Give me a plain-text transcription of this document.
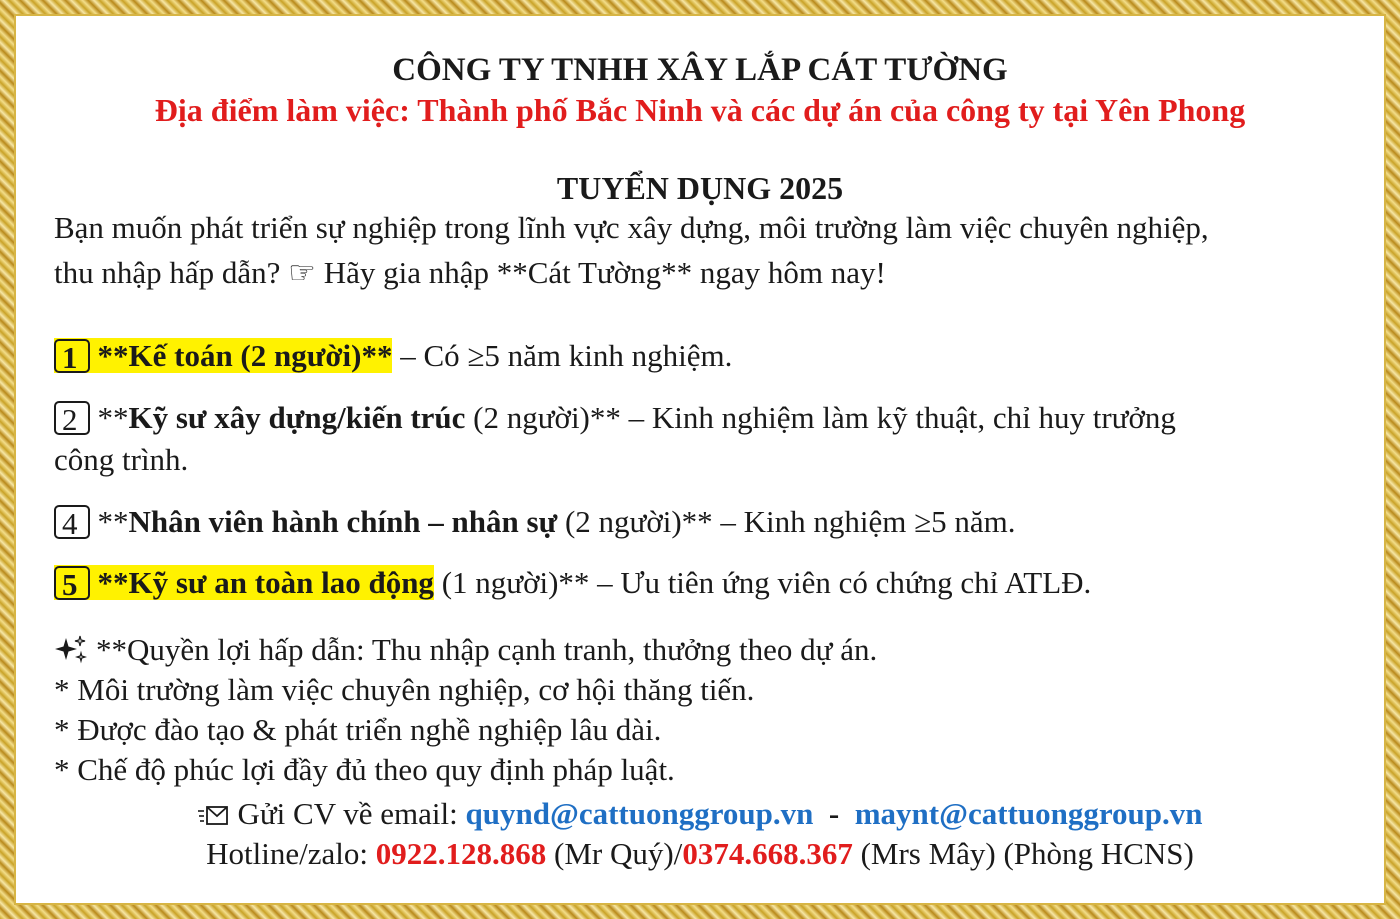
CÔNG TY TNHH XÂY LẮP CÁT TƯỜNG
Địa điểm làm việc: Thành phố Bắc Ninh và các dự án của công ty tại Yên Phong
TUYỂN DỤNG 2025
Bạn muốn phát triển sự nghiệp trong lĩnh vực xây dựng, môi trường làm việc chuyên nghiệp,
thu nhập hấp dẫn? ☞ Hãy gia nhập **Cát Tường** ngay hôm nay!
1 **Kế toán (2 người)** – Có ≥5 năm kinh nghiệm.
2 **Kỹ sư xây dựng/kiến trúc (2 người)** – Kinh nghiệm làm kỹ thuật, chỉ huy trưởng
công trình.
4 **Nhân viên hành chính – nhân sự (2 người)** – Kinh nghiệm ≥5 năm.
5 **Kỹ sư an toàn lao động (1 người)** – Ưu tiên ứng viên có chứng chỉ ATLĐ.
**Quyền lợi hấp dẫn: Thu nhập cạnh tranh, thưởng theo dự án.
* Môi trường làm việc chuyên nghiệp, cơ hội thăng tiến.
* Được đào tạo & phát triển nghề nghiệp lâu dài.
* Chế độ phúc lợi đầy đủ theo quy định pháp luật.
Gửi CV về email: quynd@cattuonggroup.vn  -  maynt@cattuonggroup.vn
Hotline/zalo: 0922.128.868 (Mr Quý)/0374.668.367 (Mrs Mây) (Phòng HCNS)
